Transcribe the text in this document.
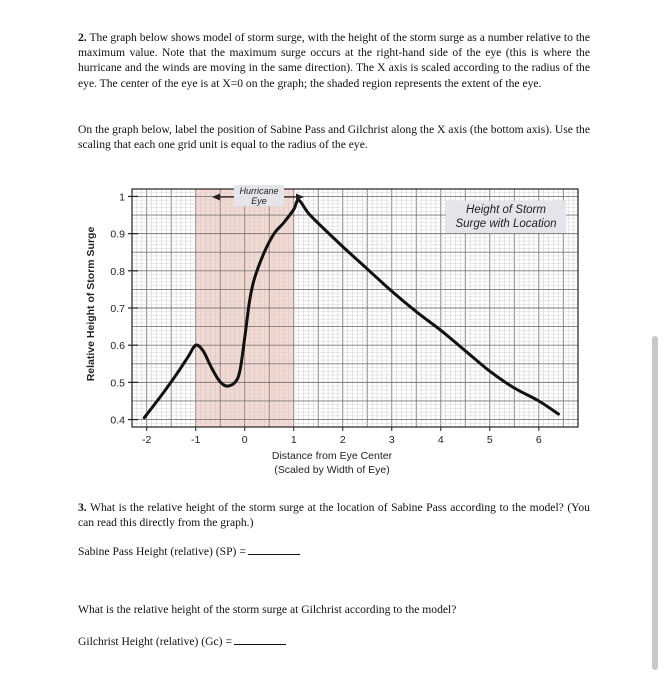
2. The graph below shows model of storm surge, with the height of the storm surge as a number relative to the maximum value. Note that the maximum surge occurs at the right-hand side of the eye (this is where the hurricane and the winds are moving in the same direction). The X axis is scaled according to the radius of the eye. The center of the eye is at X=0 on the graph; the shaded region represents the extent of the eye.

On the graph below, label the position of Sabine Pass and Gilchrist along the X axis (the bottom axis). Use the scaling that each one grid unit is equal to the radius of the eye.

-2	-1	0	1	2	3	4	5	6
0.4
0.5
0.6
0.7
0.8
0.9
1
Height of Storm
Surge with Location
Hurricane
Eye
Relative Height of Storm Surge
Distance from Eye Center
(Scaled by Width of Eye)

3. What is the relative height of the storm surge at the location of Sabine Pass according to the model? (You can read this directly from the graph.)

Sabine Pass Height (relative) (SP) =

What is the relative height of the storm surge at Gilchrist according to the model?

Gilchrist Height (relative) (Gc) =
